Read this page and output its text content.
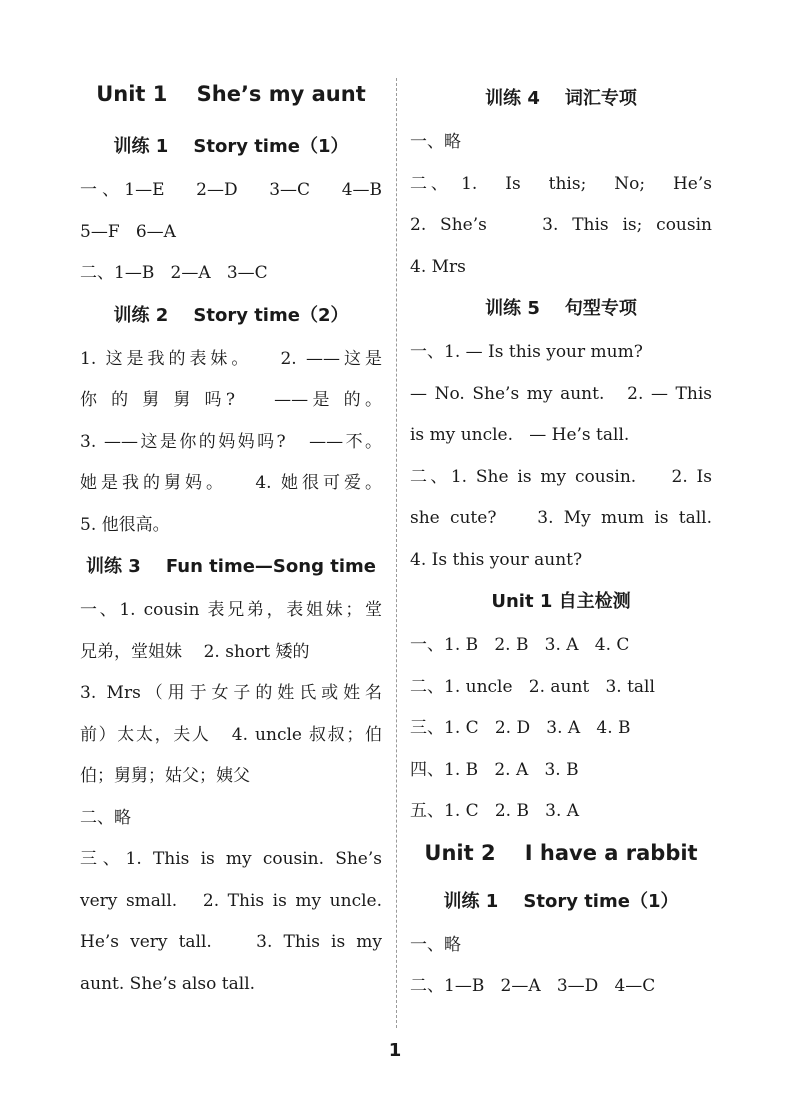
Unit 1    She’s my aunt
训练 1    Story time（1）
一、1—E   2—D   3—C   4—B
5—F   6—A
二、1—B   2—A   3—C
训练 2    Story time（2）
1. 这是我的表妹。   2. ——这是
你 的 舅 舅 吗?    ——是 的。
3. ——这是你的妈妈吗?   ——不。
她是我的舅妈。   4. 她很可爱。
5. 他很高。
训练 3    Fun time—Song time
一、1. cousin 表兄弟，表姐妹；堂
兄弟，堂姐妹    2. short 矮的
3. Mrs（用于女子的姓氏或姓名
前）太太，夫人   4. uncle 叔叔；伯
伯；舅舅；姑父；姨父
二、略
三、1. This is my cousin. She’s
very small.   2. This is my uncle.
He’s very tall.    3. This is my
aunt. She’s also tall.
训练 4    词汇专项
一、略
二、 1.   Is   this;   No;   He’s
2. She’s    3. This is; cousin
4. Mrs
训练 5    句型专项
一、1. — Is this your mum?
— No. She’s my aunt.   2. — This
is my uncle.   — He’s tall.
二、1. She is my cousin.    2. Is
she cute?    3. My mum is tall.
4. Is this your aunt?
Unit 1 自主检测
一、1. B   2. B   3. A   4. C
二、1. uncle   2. aunt   3. tall
三、1. C   2. D   3. A   4. B
四、1. B   2. A   3. B
五、1. C   2. B   3. A
Unit 2    I have a rabbit
训练 1    Story time（1）
一、略
二、1—B   2—A   3—D   4—C
1
